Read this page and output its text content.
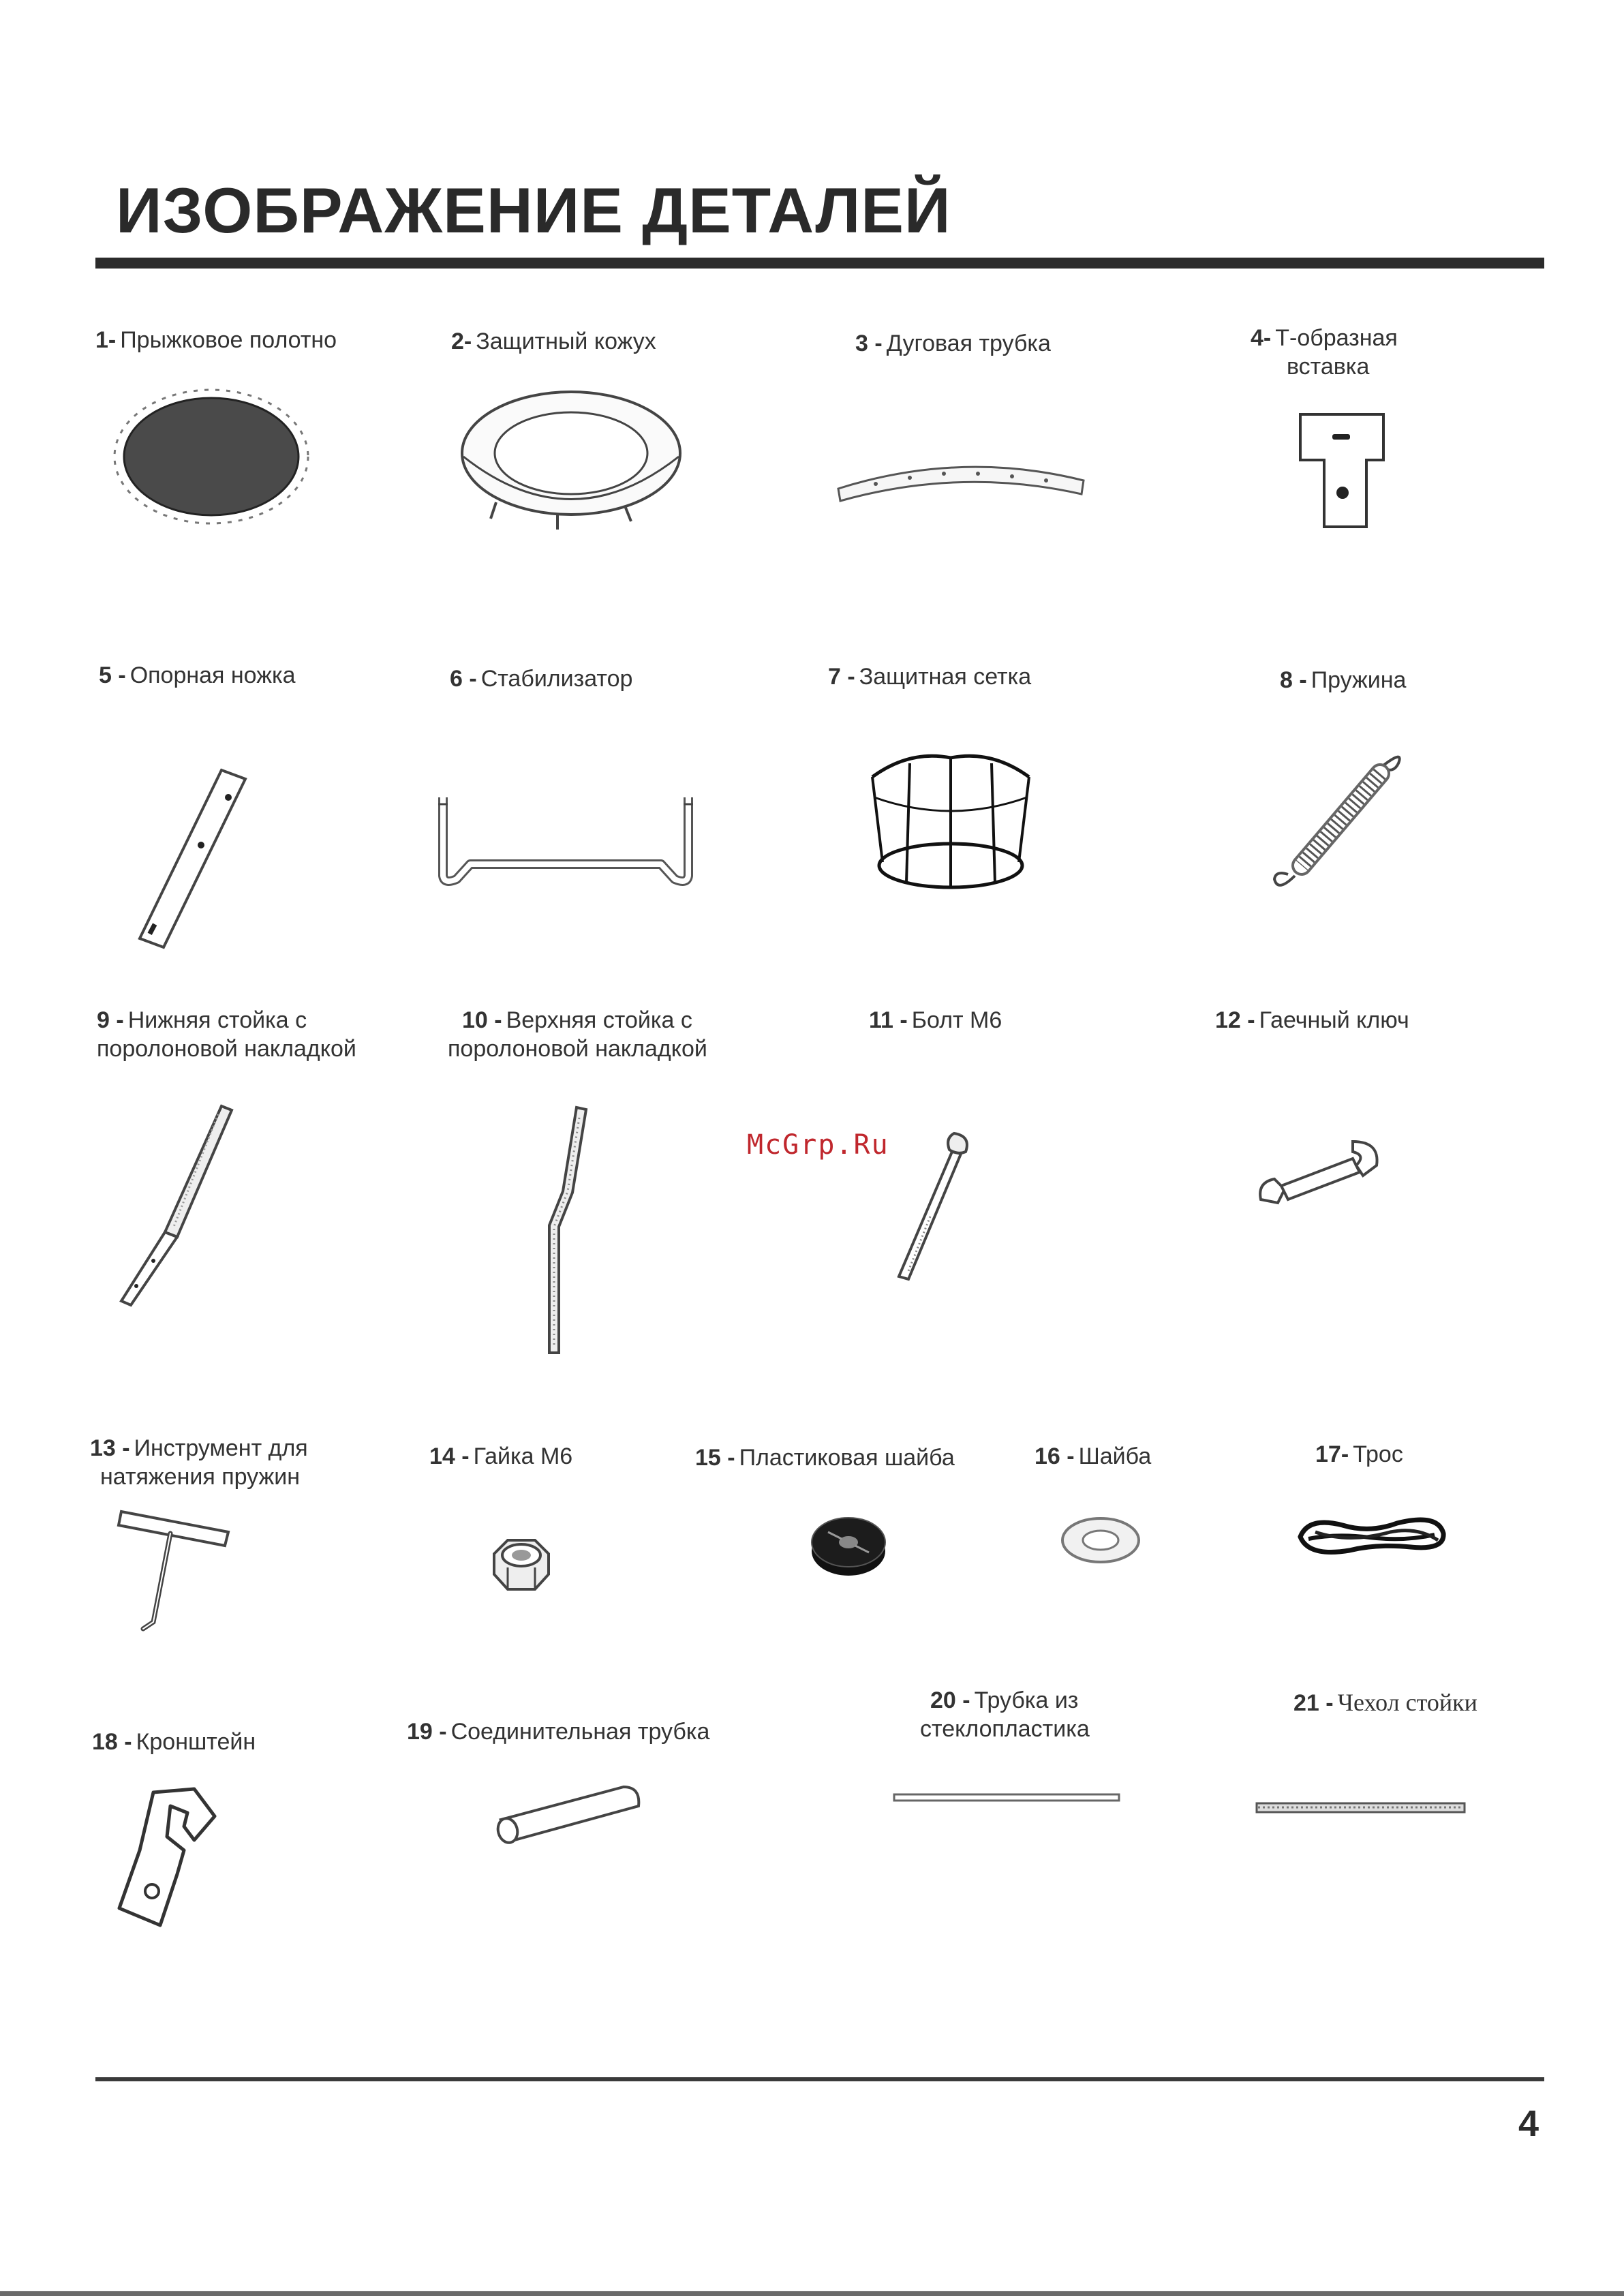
ИЗОБРАЖЕНИЕ ДЕТАЛЕЙ
1- Прыжковое полотно	2- Защитный кожух	3 - Дуговая трубка	4- Т-образная
вставка
5 - Опорная ножка	6 - Стабилизатор	7 - Защитная сетка	8 - Пружина
9 - Нижняя стойка с
поролоновой накладкой
10 - Верхняя стойка с
поролоновой накладкой
11 - Болт М6	12 - Гаечный ключ
13 - Инструмент для
натяжения пружин
14 - Гайка М6	15 - Пластиковая шайба	16 - Шайба	17- Трос
18 - Кронштейн	19 - Соединительная трубка
20 - Трубка из
стеклопластика
21 - Чехол стойки
McGrp.Ru
4
